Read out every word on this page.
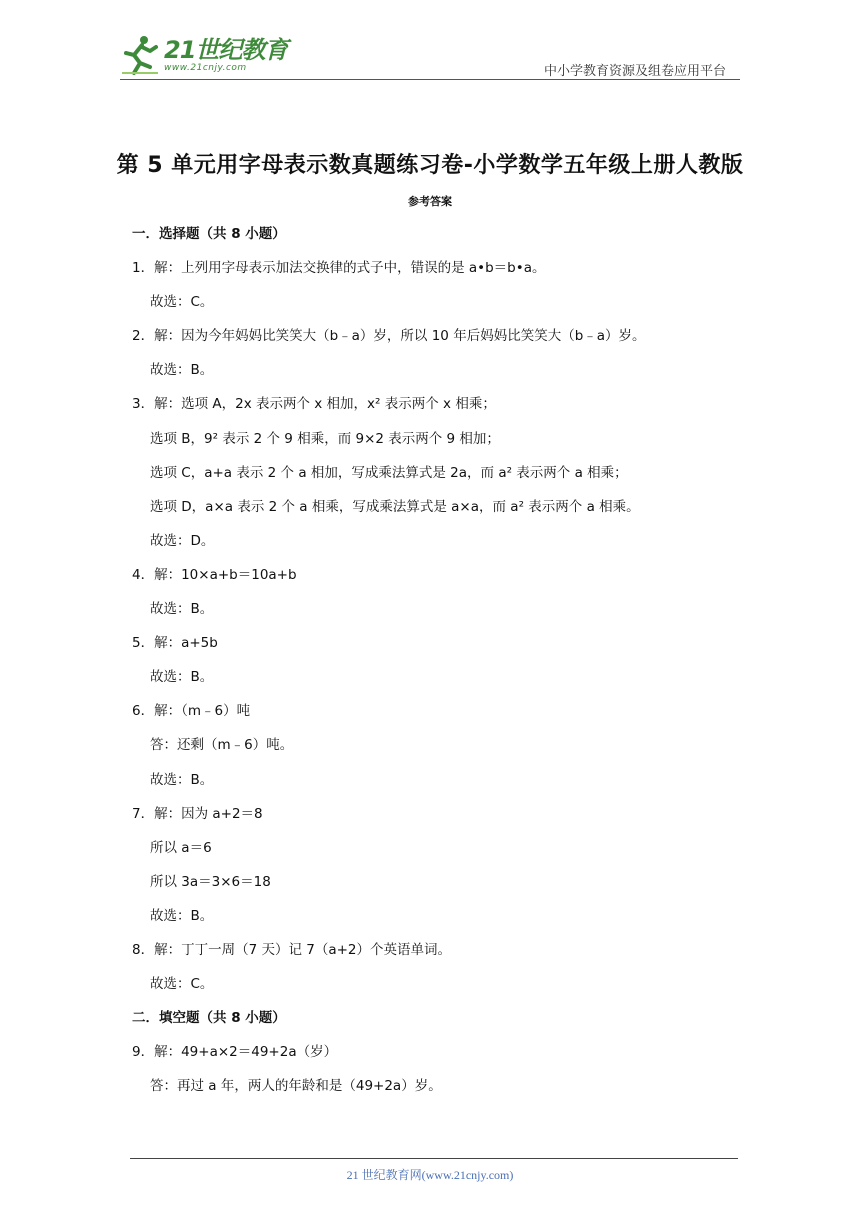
21世纪教育
www.21cnjy.com	中小学教育资源及组卷应用平台
第 5 单元用字母表示数真题练习卷-小学数学五年级上册人教版
参考答案
一．选择题（共 8 小题）
1．解：上列用字母表示加法交换律的式子中，错误的是 a•b＝b•a。
故选：C。
2．解：因为今年妈妈比笑笑大（b﹣a）岁，所以 10 年后妈妈比笑笑大（b﹣a）岁。
故选：B。
3．解：选项 A，2x 表示两个 x 相加，x² 表示两个 x 相乘；
选项 B，9² 表示 2 个 9 相乘，而 9×2 表示两个 9 相加；
选项 C，a+a 表示 2 个 a 相加，写成乘法算式是 2a，而 a² 表示两个 a 相乘；
选项 D，a×a 表示 2 个 a 相乘，写成乘法算式是 a×a，而 a² 表示两个 a 相乘。
故选：D。
4．解：10×a+b＝10a+b
故选：B。
5．解：a+5b
故选：B。
6．解：（m﹣6）吨
答：还剩（m﹣6）吨。
故选：B。
7．解：因为 a+2＝8
所以 a＝6
所以 3a＝3×6＝18
故选：B。
8．解：丁丁一周（7 天）记 7（a+2）个英语单词。
故选：C。
二．填空题（共 8 小题）
9．解：49+a×2＝49+2a（岁）
答：再过 a 年，两人的年龄和是（49+2a）岁。
21 世纪教育网(www.21cnjy.com)
